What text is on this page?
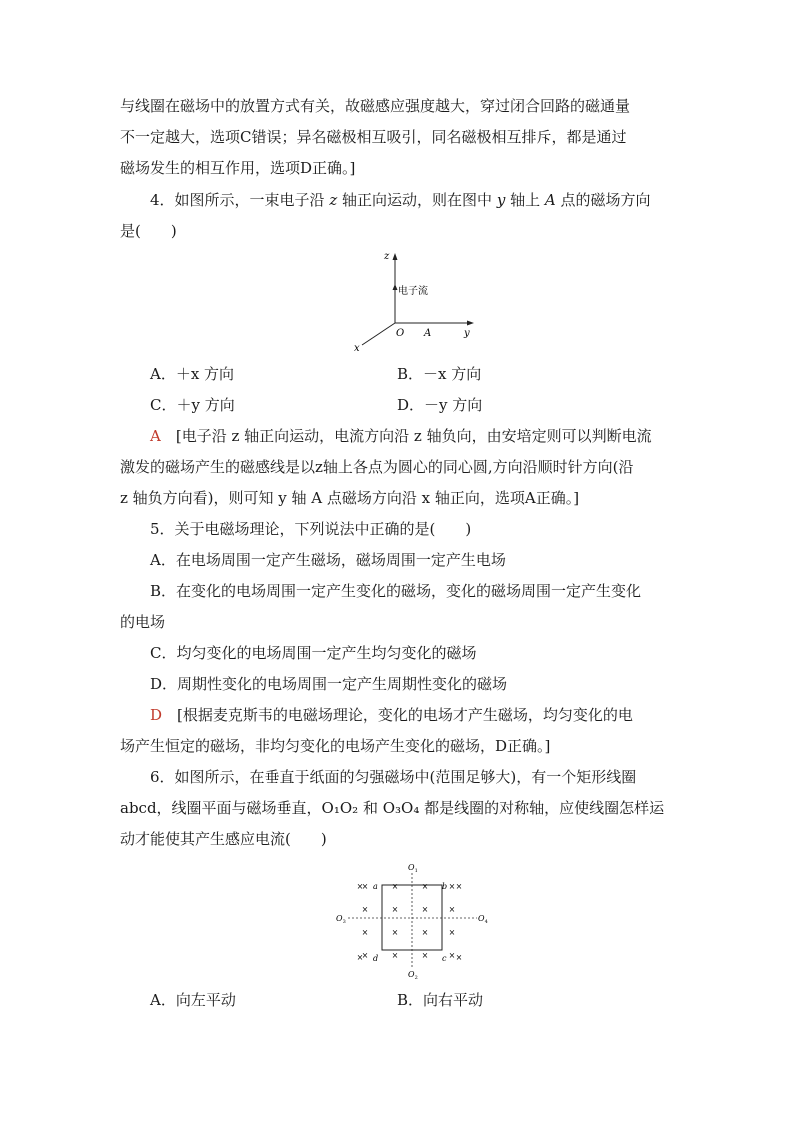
与线圈在磁场中的放置方式有关，故磁感应强度越大，穿过闭合回路的磁通量
不一定越大，选项C错误；异名磁极相互吸引，同名磁极相互排斥，都是通过
磁场发生的相互作用，选项D正确。]
4．如图所示，一束电子沿 z 轴正向运动，则在图中 y 轴上 A 点的磁场方向
是(　　)
z
电子流
O A	y
x
A．＋x 方向	B．－x 方向
C．＋y 方向	D．－y 方向
A　 [电子沿 z 轴正向运动，电流方向沿 z 轴负向，由安培定则可以判断电流
激发的磁场产生的磁感线是以z轴上各点为圆心的同心圆,方向沿顺时针方向(沿
z 轴负方向看)，则可知 y 轴 A 点磁场方向沿 x 轴正向，选项A正确。]
5．关于电磁场理论，下列说法中正确的是(　　)
A．在电场周围一定产生磁场，磁场周围一定产生电场
B．在变化的电场周围一定产生变化的磁场，变化的磁场周围一定产生变化
的电场
C．均匀变化的电场周围一定产生均匀变化的磁场
D．周期性变化的电场周围一定产生周期性变化的磁场
D　 [根据麦克斯韦的电磁场理论，变化的电场才产生磁场，均匀变化的电
场产生恒定的磁场，非均匀变化的电场产生变化的磁场，D正确。]
6．如图所示，在垂直于纸面的匀强磁场中(范围足够大)，有一个矩形线圈
abcd，线圈平面与磁场垂直，O₁O₂ 和 O₃O₄ 都是线圈的对称轴，应使线圈怎样运
动才能使其产生感应电流(　　)
×
×
×
×
×
×
×
×
×
×
×
×
×
×
×
×
×	×
×	×
a	b
c
d
$O_1$
$O_2$
$O_3$	$O_4$
A．向左平动	B．向右平动
